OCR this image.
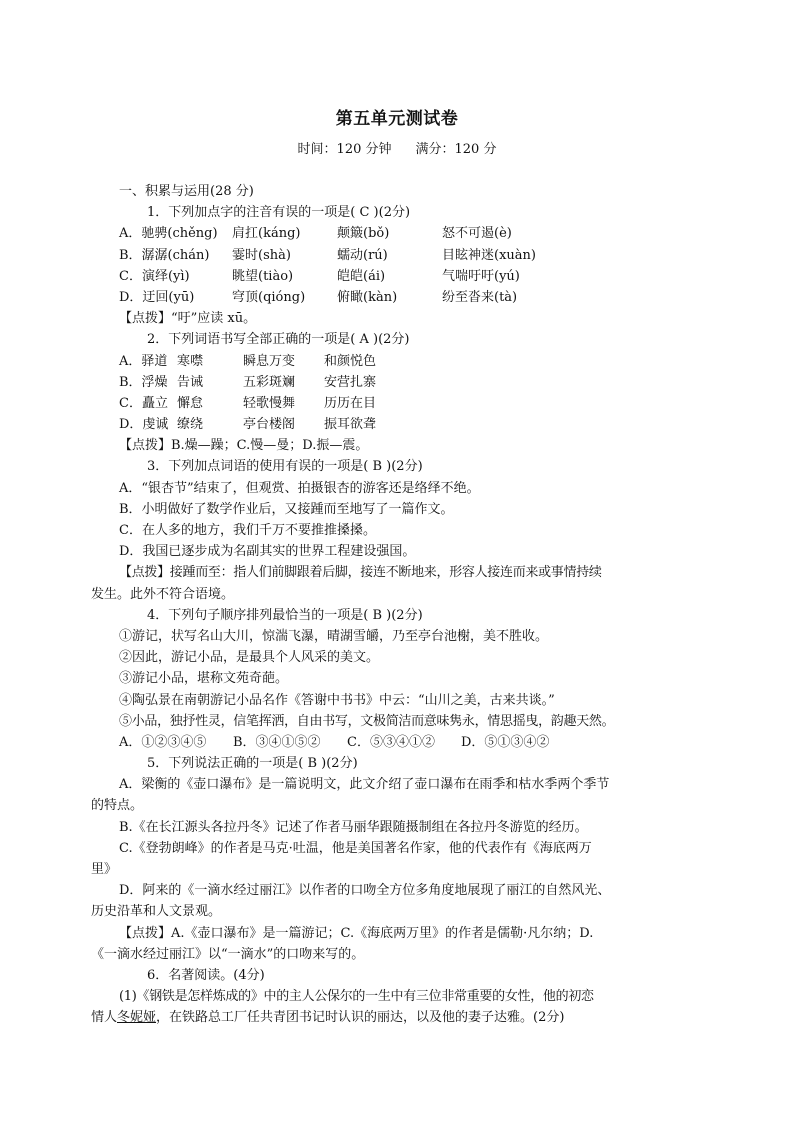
第五单元测试卷
时间：120 分钟 满分：120 分
一、积累与运用(28 分)
1．下列加点字的注音有误的一项是( C )(2分)
A．驰骋(chěng) 肩扛(káng)	颠簸(bǒ)	怒不可遏(è)
B．潺潺(chán) 霎时(shà)	蠕动(rú)	目眩神迷(xuàn)
C．演绎(yì)	眺望(tiào)	皑皑(ái)	气喘吁吁(yú)
D．迂回(yū)	穹顶(qióng) 俯瞰(kàn)	纷至沓来(tà)
【点拨】“吁”应读 xū。
2．下列词语书写全部正确的一项是( A )(2分)
A．驿道 寒噤	瞬息万变 和颜悦色
B．浮燥 告诫	五彩斑斓 安营扎寨
C．矗立 懈怠	轻歌慢舞 历历在目
D．虔诚 缭绕	亭台楼阁 振耳欲聋
【点拨】B.燥—躁；C.慢—曼；D.振—震。
3．下列加点词语的使用有误的一项是( B )(2分)
A．“银杏节”结束了，但观赏、拍摄银杏的游客还是络绎不绝。
B．小明做好了数学作业后，又接踵而至地写了一篇作文。
C．在人多的地方，我们千万不要推推搡搡。
D．我国已逐步成为名副其实的世界工程建设强国。
【点拨】接踵而至：指人们前脚跟着后脚，接连不断地来，形容人接连而来或事情持续
发生。此外不符合语境。
4．下列句子顺序排列最恰当的一项是( B )(2分)
①游记，状写名山大川，惊湍飞瀑，晴湖雪皭，乃至亭台池榭，美不胜收。
②因此，游记小品，是最具个人风采的美文。
③游记小品，堪称文苑奇葩。
④陶弘景在南朝游记小品名作《答谢中书书》中云：“山川之美，古来共谈。”
⑤小品，独抒性灵，信笔挥洒，自由书写，文极简洁而意味隽永，情思摇曳，韵趣天然。
A．①②③④⑤ B．③④①⑤② C．⑤③④①② D．⑤①③④②
5．下列说法正确的一项是( B )(2分)
A．梁衡的《壶口瀑布》是一篇说明文，此文介绍了壶口瀑布在雨季和枯水季两个季节
的特点。
B.《在长江源头各拉丹冬》记述了作者马丽华跟随摄制组在各拉丹冬游览的经历。
C.《登勃朗峰》的作者是马克·吐温，他是美国著名作家，他的代表作有《海底两万
里》
D．阿来的《一滴水经过丽江》以作者的口吻全方位多角度地展现了丽江的自然风光、
历史沿革和人文景观。
【点拨】A.《壶口瀑布》是一篇游记；C.《海底两万里》的作者是儒勒·凡尔纳；D.
《一滴水经过丽江》以“一滴水”的口吻来写的。
6．名著阅读。(4分)
(1)《钢铁是怎样炼成的》中的主人公保尔的一生中有三位非常重要的女性，他的初恋
情人冬妮娅，在铁路总工厂任共青团书记时认识的丽达，以及他的妻子达雅。(2分)
